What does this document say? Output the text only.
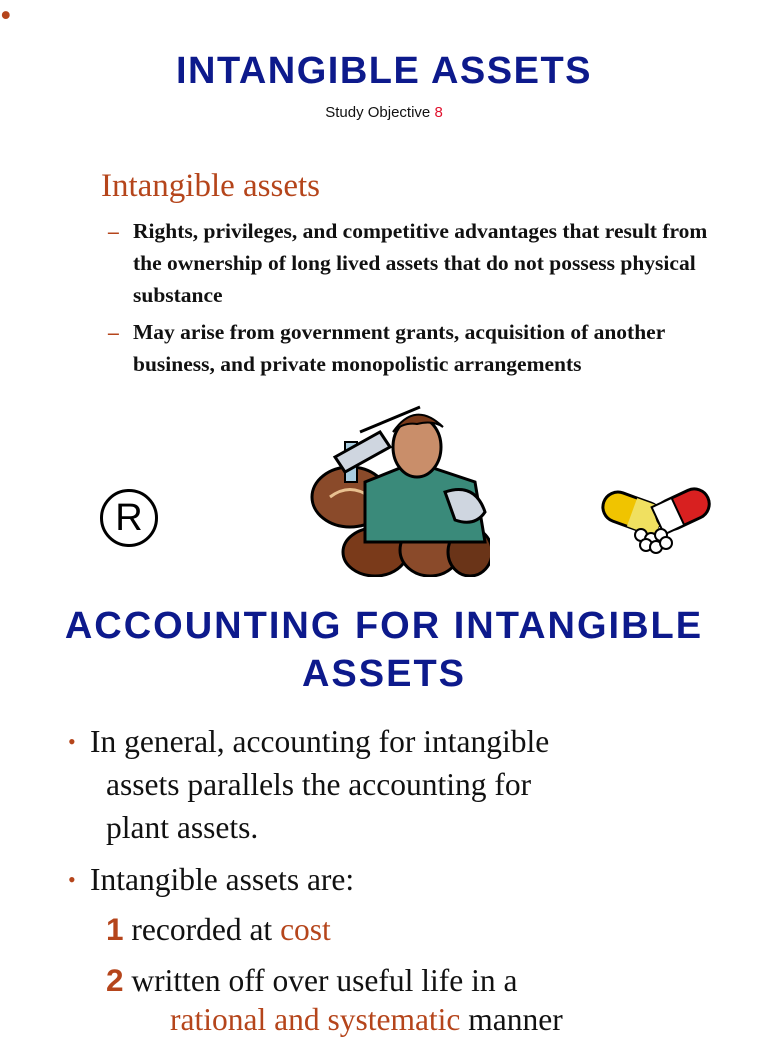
INTANGIBLE ASSETS
Study Objective 8
•
Intangible assets
– Rights, privileges, and competitive advantages that result from the ownership of long lived assets that do not possess physical substance
– May arise from government grants, acquisition of another business, and private monopolistic arrangements
R
ACCOUNTING FOR INTANGIBLE
ASSETS
• In general, accounting for intangible
assets parallels the accounting for
plant assets.
• Intangible assets are:
1 recorded at cost
2 written off over useful life in a
rational and systematic manner
